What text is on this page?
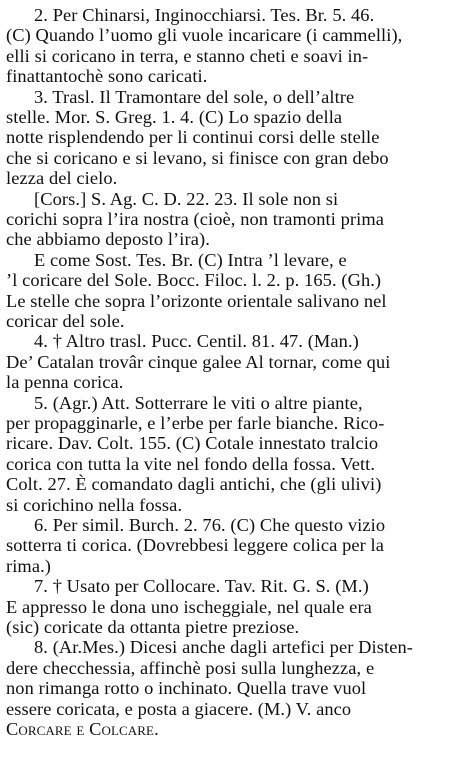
2. Per Chinarsi, Inginocchiarsi. Tes. Br. 5. 46.
(C) Quando l’uomo gli vuole incaricare (i cammelli),
elli si coricano in terra, e stanno cheti e soavi in-
finattantochè sono caricati.
3. Trasl. Il Tramontare del sole, o dell’altre
stelle. Mor. S. Greg. 1. 4. (C) Lo spazio della
notte risplendendo per li continui corsi delle stelle
che si coricano e si levano, si finisce con gran debo
lezza del cielo.
[Cors.] S. Ag. C. D. 22. 23. Il sole non si
corichi sopra l’ira nostra (cioè, non tramonti prima
che abbiamo deposto l’ira).
E come Sost. Tes. Br. (C) Intra ’l levare, e
’l coricare del Sole. Bocc. Filoc. l. 2. p. 165. (Gh.)
Le stelle che sopra l’orizonte orientale salivano nel
coricar del sole.
4. † Altro trasl. Pucc. Centil. 81. 47. (Man.)
De’ Catalan trovâr cinque galee Al tornar, come qui
la penna corica.
5. (Agr.) Att. Sotterrare le viti o altre piante,
per propagginarle, e l’erbe per farle bianche. Rico-
ricare. Dav. Colt. 155. (C) Cotale innestato tralcio
corica con tutta la vite nel fondo della fossa. Vett.
Colt. 27. È comandato dagli antichi, che (gli ulivi)
si corichino nella fossa.
6. Per simil. Burch. 2. 76. (C) Che questo vizio
sotterra ti corica. (Dovrebbesi leggere colica per la
rima.)
7. † Usato per Collocare. Tav. Rit. G. S. (M.)
E appresso le dona uno ischeggiale, nel quale era
(sic) coricate da ottanta pietre preziose.
8. (Ar.Mes.) Dicesi anche dagli artefici per Disten-
dere checchessia, affinchè posi sulla lunghezza, e
non rimanga rotto o inchinato. Quella trave vuol
essere coricata, e posta a giacere. (M.) V. anco
Corcare e Colcare.
